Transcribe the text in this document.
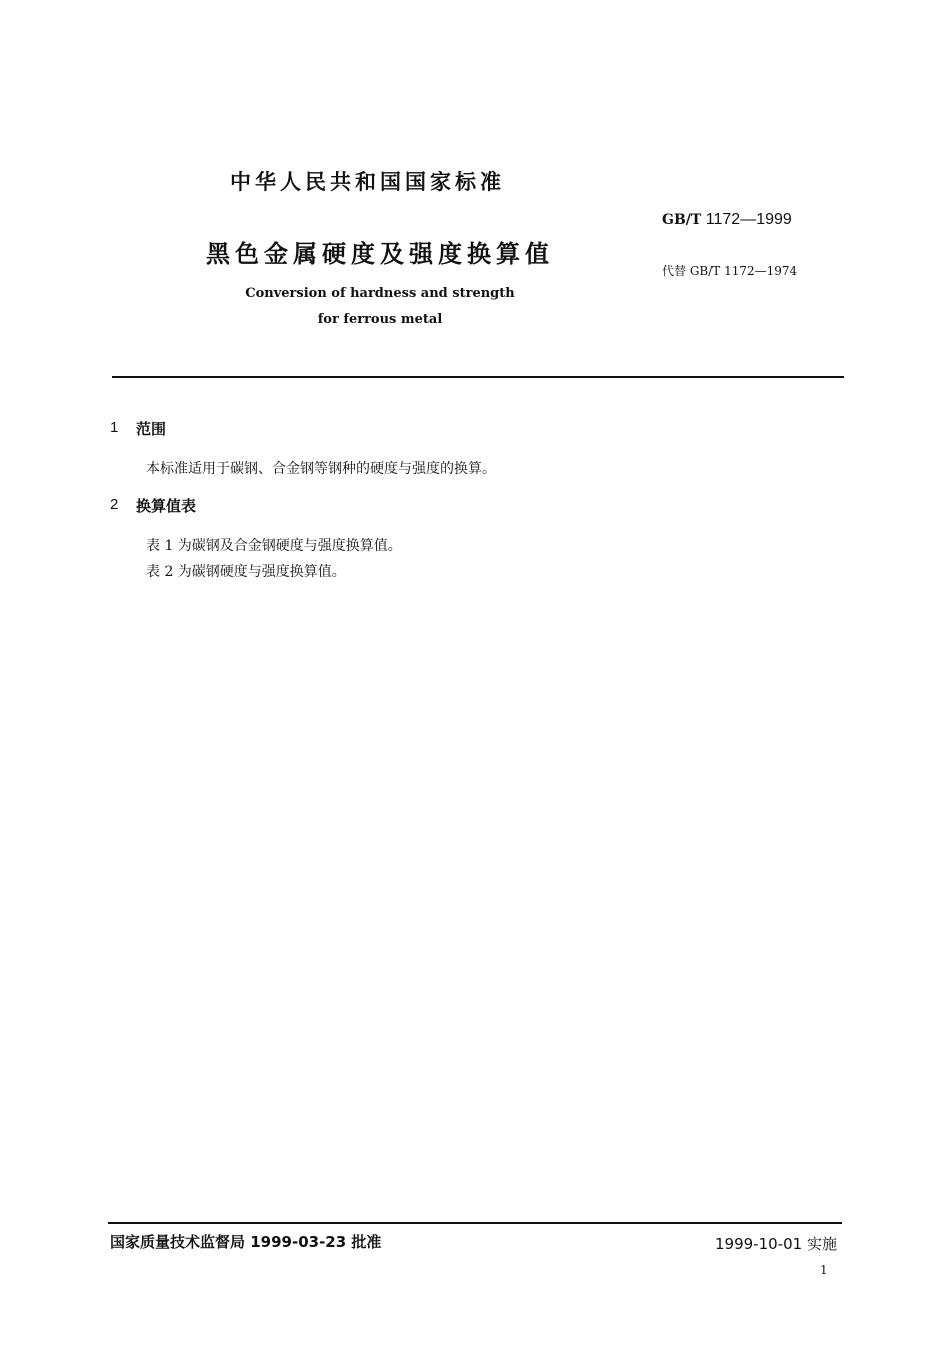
中华人民共和国国家标准
黑色金属硬度及强度换算值
Conversion of hardness and strength
for ferrous metal
GB/T 1172—1999
代替 GB/T 1172—1974
1 范围
本标准适用于碳钢、合金钢等钢种的硬度与强度的换算。
2 换算值表
表 1 为碳钢及合金钢硬度与强度换算值。
表 2 为碳钢硬度与强度换算值。
国家质量技术监督局 1999-03-23 批准	1999-10-01 实施
1
